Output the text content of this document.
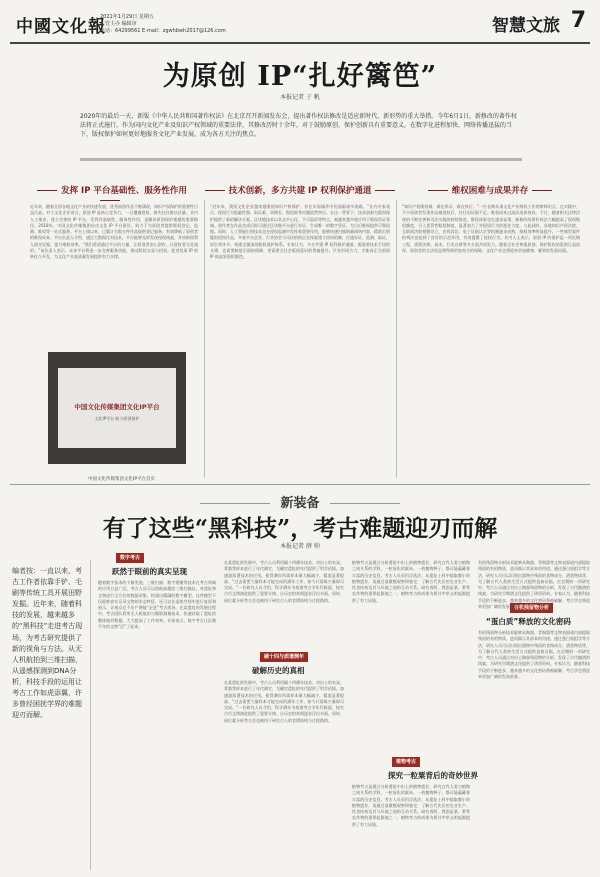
中國文化報
2021年1月29日 星期五
主管主办 编辑审
电话：64299561 E-mail：zgwhbwh2017@126.com	智慧文旅 7
为原创 IP“扎好篱笆”
本报记者 于 帆
2020年的最后一天，新版《中华人民共和国著作权法》在北京召开新闻发布会，提出著作权法修改是适应新时代、新形势的重大举措。今年6月1日，新修改的著作权法将正式施行。作为国内文化产业及知识产权领域的重要法律，其修改历时十余年，对于鼓励原创、保护创新具有重要意义。在数字化进程加快、网络传播迅猛的当下，版权保护如何更好地服务文化产业发展，成为各方关注的焦点。
发挥 IP 平台基础性、服务性作用	技术创新，多方共建 IP 权利保护通道	维权困难与成果并存
近年来，随着全国各地文化产业的快速发展，优秀原创作品不断涌现，知识产权保护的重要性日益凸显。对于文化企业而言，原创 IP 是核心竞争力，一旦遭遇侵权，损失往往难以估量。业内人士指出，建立完善的 IP 平台，发挥其基础性、服务性作用，是解决原创保护难题的重要路径。2018年，中国文化传媒集团启动文化 IP 平台建设，致力于为原创者提供版权登记、监测、维权等一站式服务。平台上线以来，已累计为数万件作品提供登记服务，有效降低了原创者的维权成本。平台负责人介绍，通过大数据比对技术，平台能够及时发现侵权线索，并协助权利人固定证据，提升维权效率。“我们希望通过平台的力量，让原创者安心创作，让侵权者无处遁形。”该负责人表示，未来平台将进一步完善服务功能，推动版权交易与授权，促进优质 IP 的转化与开发，为文化产业高质量发展提供有力支撑。
“近年来，我国文化企业越来越重视知识产权保护，但在实际操作中仍面临诸多困难。”业内专家表示，侵权行为隐蔽性强、取证难、周期长、赔偿低等问题依然突出。在这一背景下，技术创新为版权保护提供了新的解决方案。区块链技术以其去中心化、不可篡改等特点，被越来越多地应用于版权存证领域。创作者在作品完成后即可通过区块链平台进行存证，生成唯一的数字凭证，为日后维权提供可靠依据。同时，人工智能识别技术也在侵权监测中发挥着重要作用，能够快速扫描海量网络内容，精准识别疑似侵权作品。多家平台企业、行业协会与司法机构正在探索建立协同机制，打通存证、监测、取证、诉讼等环节，构建全链条的版权保护体系。专家认为，多方共建 IP 权利保护通道，既需要技术手段的支撑，也需要制度层面的保障，更需要全社会版权意识的普遍提升。只有形成合力，才能真正为原创 IP 筑起坚固的篱笆。
“知识产权维权难，难在举证，难在执行。”一位长期从事文化产业维权工作的律师坦言。在实践中，不少原创者发现作品被侵权后，往往因证据不足、维权成本过高而选择放弃。不过，随着相关法律法规的不断完善和司法实践的持续推进，维权成果也在逐步显现。新修改的著作权法大幅提高了侵权赔偿额度，引入惩罚性赔偿制度，显著加大了对侵权行为的惩处力度。与此同时，各地知识产权法院、互联网法院相继设立，在线诉讼、电子证据认定等机制逐步成熟，维权效率明显提升。一些典型案件的判决也起到了良好的示范作用，有效震慑了侵权行为。业内人士表示，原创 IP 的保护是一项长期工程，需要法律、技术、行业自律等多方面共同发力。随着全社会尊重原创、保护版权的氛围日益浓厚，原创者的合法权益将得到更加充分的保障，文化产业也将迎来更加健康、繁荣的发展局面。
中国文化传媒集团文化IP平台
文化IP平台 助力原创保护
中国文化传媒集团文化IP平台首页
新装备
有了这些“黑科技”，考古难题迎刃而解
本报记者 薛 帅
编者按：一直以来，考古工作者依靠手铲、毛刷等传统工具开展田野发掘。近年来，随着科技的发展，越来越多的“黑科技”走进考古现场，为考古研究提供了新的视角与方法。从无人机航拍到三维扫描，从遥感探测到DNA分析，科技手段的运用让考古工作如虎添翼，许多曾经困扰学界的难题迎刃而解。
数字考古
跃然于眼前的真实呈现
随着数字技术的不断发展，三维扫描、数字建模等技术在考古领域的应用日益广泛。考古人员可以借助高精度三维扫描仪，对遗址和文物进行全方位的数据采集，构建出精确的数字模型。这些模型不仅能够真实记录文物的形态特征，还可以在虚拟空间中进行复原和展示，让观众足不出户便能“走进”考古现场。在某遗址的发掘过程中，考古团队利用无人机航拍与摄影测量技术，快速获取了遗址的整体地形数据，大大提高了工作效率。专家表示，数字考古让沉睡千年的文物“活”了起来。
碳十四与质谱测年
破解历史的真相
在某遗址的发掘中，考古人员利用碳十四测年技术，对出土的木炭、骨骼等样本进行了年代测定，为确定遗址的年代提供了科学依据。加速器质谱技术的应用，使得测年所需样本量大幅减少，精度显著提高。“过去需要大量样本才能完成的测年工作，如今只需极少量即可完成。”一位研究人员介绍。科学测年为构建考古学年代框架、探究古代文明演进提供了重要支撑，让历史的真相逐步浮出水面。同时，同位素分析等方法也被用于研究古人的食谱结构与迁徙路线。
在某遗址的发掘中，考古人员利用碳十四测年技术，对出土的木炭、骨骼等样本进行了年代测定，为确定遗址的年代提供了科学依据。加速器质谱技术的应用，使得测年所需样本量大幅减少，精度显著提高。“过去需要大量样本才能完成的测年工作，如今只需极少量即可完成。”一位研究人员介绍。科学测年为构建考古学年代框架、探究古代文明演进提供了重要支撑，让历史的真相逐步浮出水面。同时，同位素分析等方法也被用于研究古人的食谱结构与迁徙路线。
植物考古
探究一粒粟背后的奇妙世界
植物考古是通过分析遗址中出土的植物遗存，研究古代人类与植物之间关系的学科。一粒炭化的粟米、一枚植物种子，都可能蕴藏着丰富的历史信息。考古人员采用浮选法，从遗址土样中提取微小的植物遗存，再通过显微镜观察和鉴定，了解古代先民的农业生产、饮食结构及其与环境之间的互动关系。研究表明，我国是粟、黍等农作物的重要起源地之一，植物考古的成果为探讨中华文明起源提供了有力证据。
植物考古是通过分析遗址中出土的植物遗存，研究古代人类与植物之间关系的学科。一粒炭化的粟米、一枚植物种子，都可能蕴藏着丰富的历史信息。考古人员采用浮选法，从遗址土样中提取微小的植物遗存，再通过显微镜观察和鉴定，了解古代先民的农业生产、饮食结构及其与环境之间的互动关系。研究表明，我国是粟、黍等农作物的重要起源地之一，植物考古的成果为探讨中华文明起源提供了有力证据。
有机残留物分析
“蛋白质”释放的文化密码
有机残留物分析技术能够从陶器、青铜器等文物表面或内部提取残留的有机物质，进而揭示其原本的用途。通过蛋白质组学等方法，研究人员可以识别出器物中残留的食物成分、酒类物质等，为了解古代人类的生活方式提供直接证据。在近期的一项研究中，考古人员通过对出土陶器残留物的分析，发现了古代酿酒的线索，为研究早期酒文化提供了珍贵资料。专家认为，随着科技手段的不断进步，越来越多的文化密码将被破解，考古学也将迎来更加广阔的发展前景。
有机残留物分析技术能够从陶器、青铜器等文物表面或内部提取残留的有机物质，进而揭示其原本的用途。通过蛋白质组学等方法，研究人员可以识别出器物中残留的食物成分、酒类物质等，为了解古代人类的生活方式提供直接证据。在近期的一项研究中，考古人员通过对出土陶器残留物的分析，发现了古代酿酒的线索，为研究早期酒文化提供了珍贵资料。专家认为，随着科技手段的不断进步，越来越多的文化密码将被破解，考古学也将迎来更加广阔的发展前景。
